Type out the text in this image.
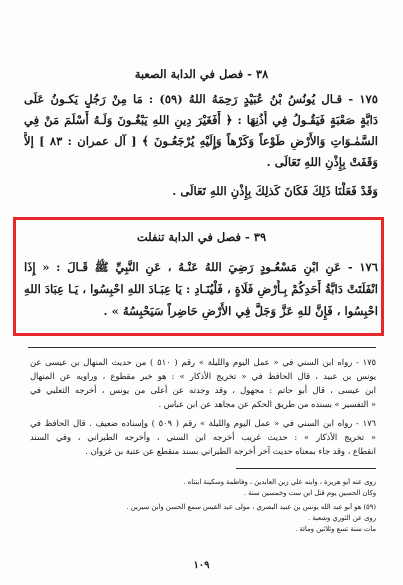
٣٨ - فصل في الدابة الصعبة
١٧٥ - قـال يُونُسُ بْنُ عُبَيْدٍ رَحِمَهُ اللهُ (٥٩) : مَا مِنْ رَجُلٍ يَكـونُ عَلَى
دَابَّةٍ صَعْبَةٍ فَيَقُـولُ فِي أُذُنِهَا : ﴿ أَفَغَيْرَ دِينِ اللهِ يَبْغُـونَ وَلَـهُ أَسْلَمَ مَنْ فِي
السَّمٰـوَاتِ وَالأَرْضِ طَوْعاً وَكَرْهاً وَإِلَيْهِ يُرْجَعُـونَ ﴾ [ آل عمران : ٨٣ ] إلاَّ
وَقَفَتْ بِإِذْنِ اللهِ تَعَالَى .
وَقَدْ فَعَلْنَا ذَلِكَ فَكَانَ كَذلِكَ بِإِذْنِ اللهِ تَعَالَى .
٣٩ - فصل في الدابة تنفلت
١٧٦ - عَنِ ابْنِ مَسْعُـودٍ رَضِيَ اللهُ عَنْـهُ ، عَنِ النَّبِيِّ ﷺ قَـالَ : « إِذَا
انْفَلَتَتْ دَابَّةُ أَحَدِكُمْ بِـأَرْضٍ فَلَاةٍ ، فَلْيُنَـادِ : يَا عِبَـادَ اللهِ احْبِسُوا ، يَـا عِبَادَ اللهِ
احْبِسُوا ، فَإِنَّ للهِ عَزَّ وَجَلَّ فِي الأَرْضِ حَاضِراً سَيَحْبِسُهُ » .
١٧٥ - رواه ابن السني في « عمل اليوم والليلة » رقم ( ٥١٠ ) من حديث المنهال بن عيسى عن
يونس بن عبيد ، قال الحافظ في « تخريج الأذكار » : هو خبر مقطوع ، وراويه عن المنهال
ابن عيسى ، قال أبو حاتم : مجهول ، وقد وجدته عن أعلى من يونس ، أخرجه الثعلبي في
« التفسير » بسنده من طريق الحكم عن مجاهد عن ابن عباس .
١٧٦ - رواه ابن السني في « عمل اليوم والليلة » رقم ( ٥٠٩ ) وإسناده ضعيف . قال الحافظ في
« تخريج الأذكار » : حديث غريب أخرجه ابن السني ، وأخرجه الطبراني ، وفي السند
انقطاع ، وقد جاء بمعناه حديث آخر أخرجه الطبراني بسند منقطع عن عتبة بن غزوان .
روى عنه أبو هريرة ، وابنه علي زين العابدين ، وفاطمة وسكينة ابنتاه .
وكان الحسين يوم قتل ابن ست وخمسين سنة .
(٥٩) هو أبو عبد الله يونس بن عبيد البصري ، مولى عبد القيس سمع الحسن وابن سيرين .
روى عن الثوري وشعبة .
مات سنة تسع وثلاثين ومائة .
١٠٩
